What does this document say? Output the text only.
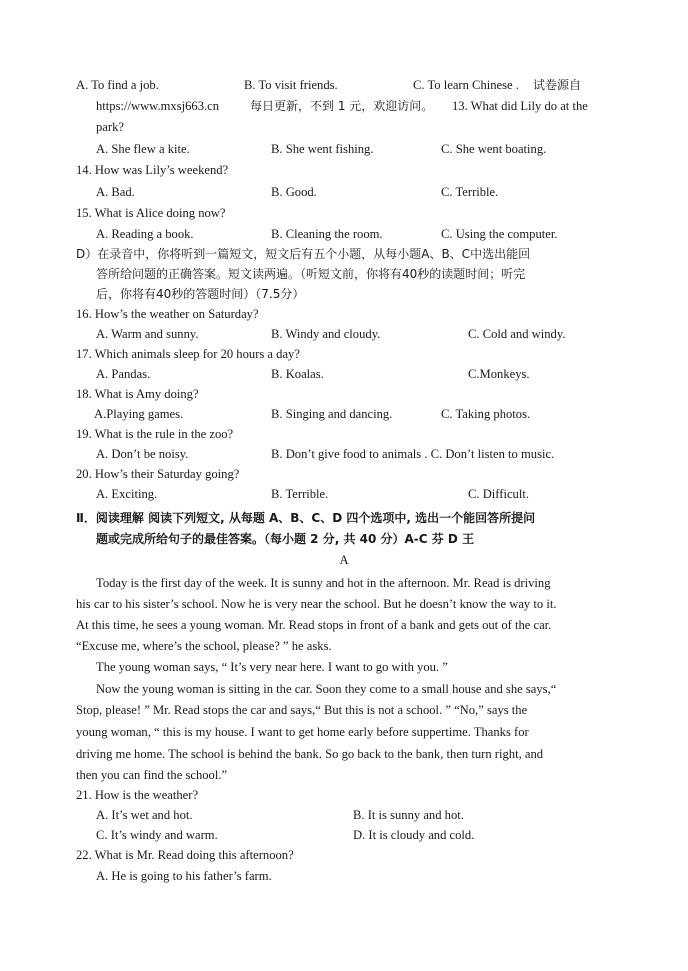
A. To find a job.	B. To visit friends.	C. To learn Chinese . 试卷源自
https://www.mxsj663.cn	每日更新，不到 1 元，欢迎访问。 13. What did Lily do at the
park?
A. She flew a kite.	B. She went fishing.	C. She went boating.
14. How was Lily’s weekend?
A. Bad.	B. Good.	C. Terrible.
15. What is Alice doing now?
A. Reading a book.	B. Cleaning the room.	C. Using the computer.
D）在录音中，你将听到一篇短文，短文后有五个小题，从每小题A、B、C中选出能回
答所给问题的正确答案。短文读两遍。（听短文前，你将有40秒的读题时间；听完
后，你将有40秒的答题时间）（7.5分）
16. How’s the weather on Saturday?
A. Warm and sunny.	B. Windy and cloudy.	C. Cold and windy.
17. Which animals sleep for 20 hours a day?
A. Pandas.	B. Koalas.	C.Monkeys.
18. What is Amy doing?
A.Playing games.	B. Singing and dancing.	C. Taking photos.
19. What is the rule in the zoo?
A. Don’t be noisy.	B. Don’t give food to animals . C. Don’t listen to music.
20. How’s their Saturday going?
A. Exciting.	B. Terrible.	C. Difficult.
Ⅱ．阅读理解 阅读下列短文, 从每题 A、B、C、D 四个选项中, 选出一个能回答所提问
题或完成所给句子的最佳答案。（每小题 2 分, 共 40 分）A-C 芬 D 王
A
Today is the first day of the week. It is sunny and hot in the afternoon. Mr. Read is driving
his car to his sister’s school. Now he is very near the school. But he doesn’t know the way to it.
At this time, he sees a young woman. Mr. Read stops in front of a bank and gets out of the car.
“Excuse me, where’s the school, please? ” he asks.
The young woman says, “ It’s very near here. I want to go with you. ”
Now the young woman is sitting in the car. Soon they come to a small house and she says,“
Stop, please! ” Mr. Read stops the car and says,“ But this is not a school. ” “No,” says the
young woman, “ this is my house. I want to get home early before suppertime. Thanks for
driving me home. The school is behind the bank. So go back to the bank, then turn right, and
then you can find the school.”
21. How is the weather?
A. It’s wet and hot.	B. It is sunny and hot.
C. It’s windy and warm.	D. It is cloudy and cold.
22. What is Mr. Read doing this afternoon?
A. He is going to his father’s farm.
